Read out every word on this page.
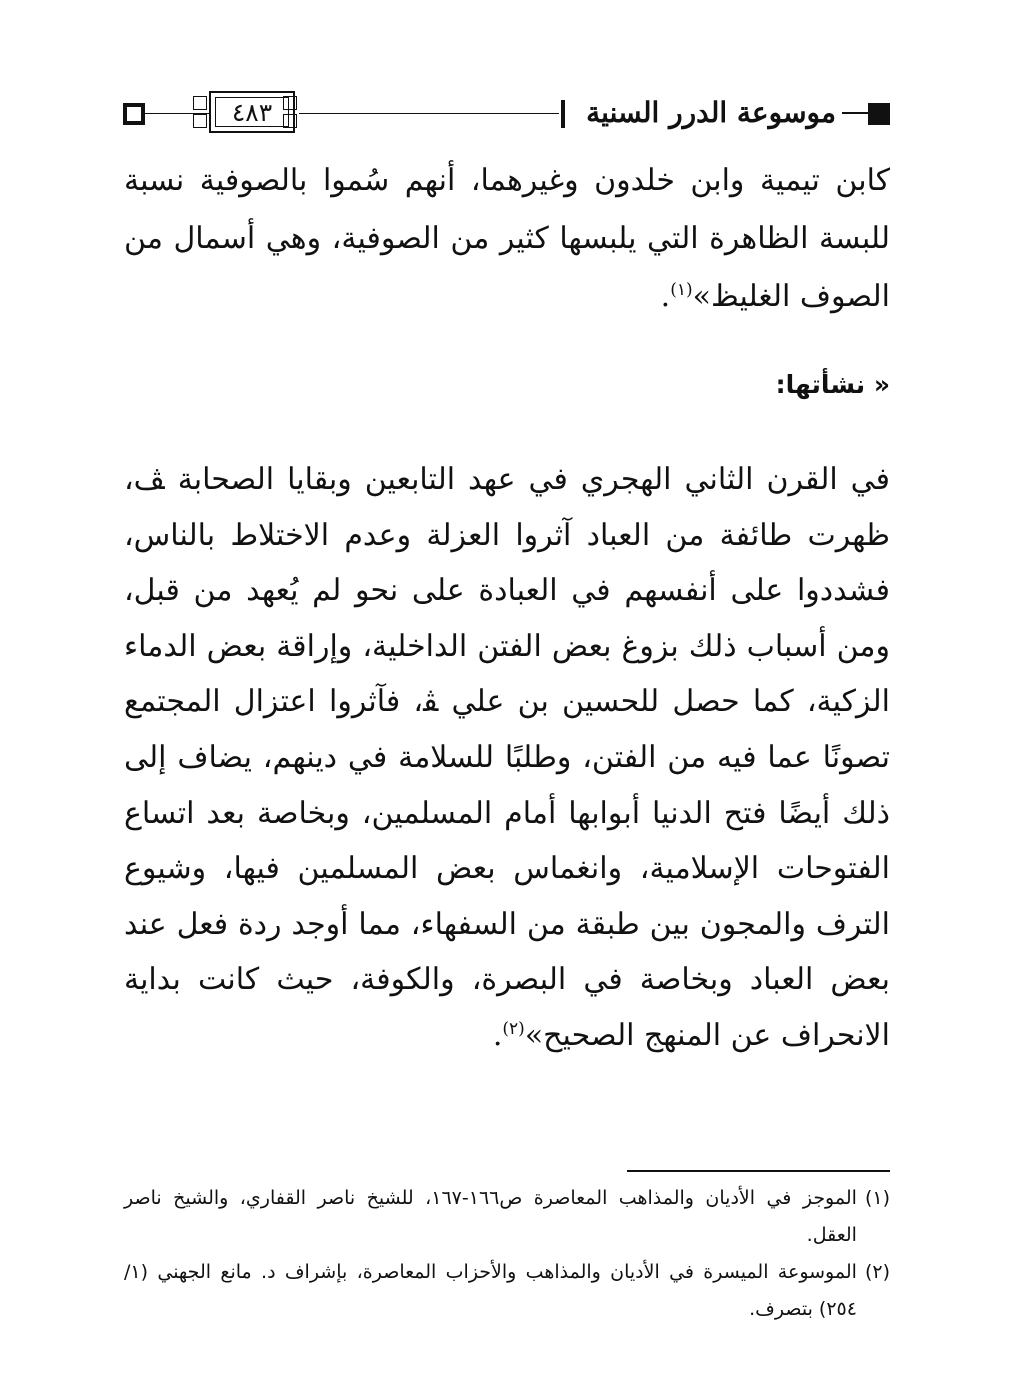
٤٨٣	موسوعة الدرر السنية

كابن تيمية وابن خلدون وغيرهما، أنهم سُموا بالصوفية نسبة للبسة الظاهرة التي يلبسها كثير من الصوفية، وهي أسمال من الصوف الغليظ»$^{(١)}$.

« نشأتها:

في القرن الثاني الهجري في عهد التابعين وبقايا الصحابة ﭫ، ظهرت طائفة من العباد آثروا العزلة وعدم الاختلاط بالناس، فشددوا على أنفسهم في العبادة على نحو لم يُعهد من قبل، ومن أسباب ذلك بزوغ بعض الفتن الداخلية، وإراقة بعض الدماء الزكية، كما حصل للحسين بن علي ﭭ، فآثروا اعتزال المجتمع تصونًا عما فيه من الفتن، وطلبًا للسلامة في دينهم، يضاف إلى ذلك أيضًا فتح الدنيا أبوابها أمام المسلمين، وبخاصة بعد اتساع الفتوحات الإسلامية، وانغماس بعض المسلمين فيها، وشيوع الترف والمجون بين طبقة من السفهاء، مما أوجد ردة فعل عند بعض العباد وبخاصة في البصرة، والكوفة، حيث كانت بداية الانحراف عن المنهج الصحيح»$^{(٢)}$.

(١)
الموجز في الأديان والمذاهب المعاصرة ص١٦٦-١٦٧، للشيخ ناصر القفاري، والشيخ ناصر العقل.

(٢)
الموسوعة الميسرة في الأديان والمذاهب والأحزاب المعاصرة، بإشراف د. مانع الجهني (١/ ٢٥٤) بتصرف.
